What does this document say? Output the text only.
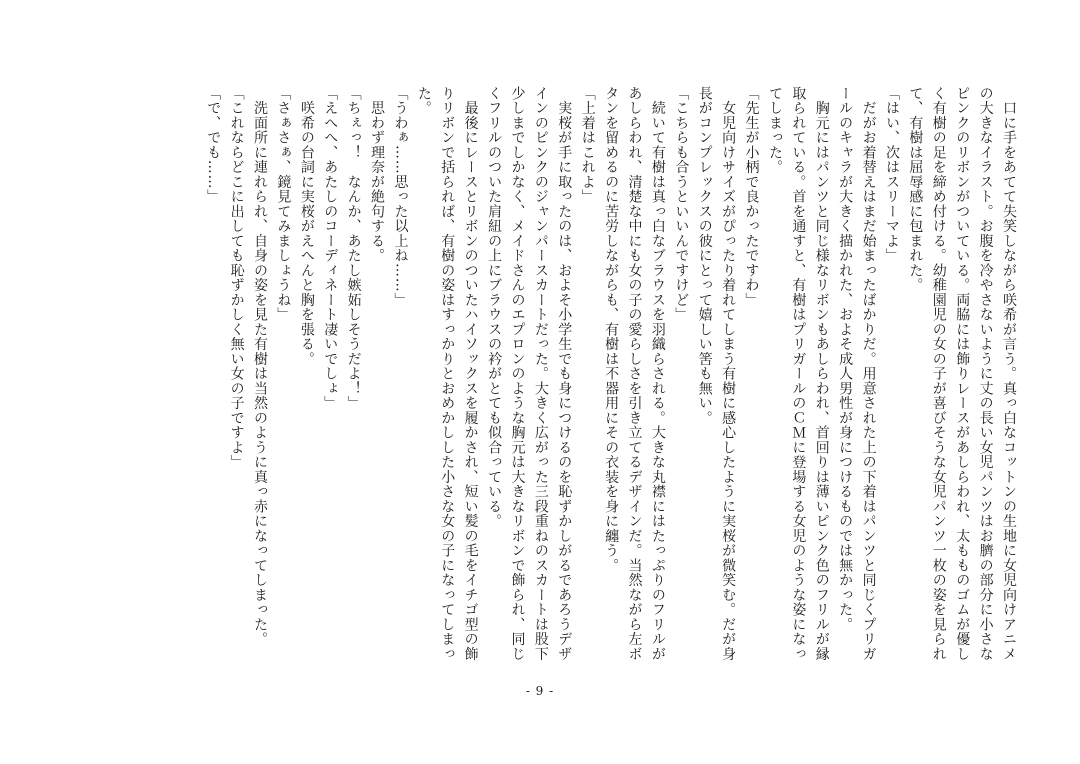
　口に手をあてて失笑しながら咲希が言う。真っ白なコットンの生地に女児向けアニメの大きなイラスト。お腹を冷やさないように丈の長い女児パンツはお臍の部分に小さなピンクのリボンがついている。両脇には飾りレースがあしらわれ、太もものゴムが優しく有樹の足を締め付ける。幼稚園児の女の子が喜びそうな女児パンツ一枚の姿を見られて、有樹は屈辱感に包まれた。

「はい、次はスリーマよ」

　だがお着替えはまだ始まったばかりだ。用意された上の下着はパンツと同じくプリガールのキャラが大きく描かれた、およそ成人男性が身につけるものでは無かった。

　胸元にはパンツと同じ様なリボンもあしらわれ、首回りは薄いピンク色のフリルが縁取られている。首を通すと、有樹はプリガールのＣＭに登場する女児のような姿になってしまった。

「先生が小柄で良かったですわ」

　女児向けサイズがぴったり着れてしまう有樹に感心したように実桜が微笑む。だが身長がコンプレックスの彼にとって嬉しい筈も無い。

「こちらも合うといいんですけど」

　続いて有樹は真っ白なブラウスを羽織らされる。大きな丸襟にはたっぷりのフリルがあしらわれ、清楚な中にも女の子の愛らしさを引き立てるデザインだ。当然ながら左ボタンを留めるのに苦労しながらも、有樹は不器用にその衣装を身に纏う。

「上着はこれよ」

　実桜が手に取ったのは、およそ小学生でも身につけるのを恥ずかしがるであろうデザインのピンクのジャンパースカートだった。大きく広がった三段重ねのスカートは股下少しまでしかなく、メイドさんのエプロンのような胸元は大きなリボンで飾られ、同じくフリルのついた肩紐の上にブラウスの衿がとても似合っている。

　最後にレースとリボンのついたハイソックスを履かされ、短い髪の毛をイチゴ型の飾りリボンで括られば、有樹の姿はすっかりとおめかしした小さな女の子になってしまった。

「うわぁ……思った以上ね……」

　思わず理奈が絶句する。

「ちぇっ！　なんか、あたし嫉妬しそうだよ！」

「えへへ、あたしのコーディネート凄いでしょ」

　咲希の台詞に実桜がえへんと胸を張る。

「さぁさぁ、鏡見てみましょうね」

　洗面所に連れられ、自身の姿を見た有樹は当然のように真っ赤になってしまった。

「これならどこに出しても恥ずかしく無い女の子ですよ」

「で、でも……」

- 9 -
